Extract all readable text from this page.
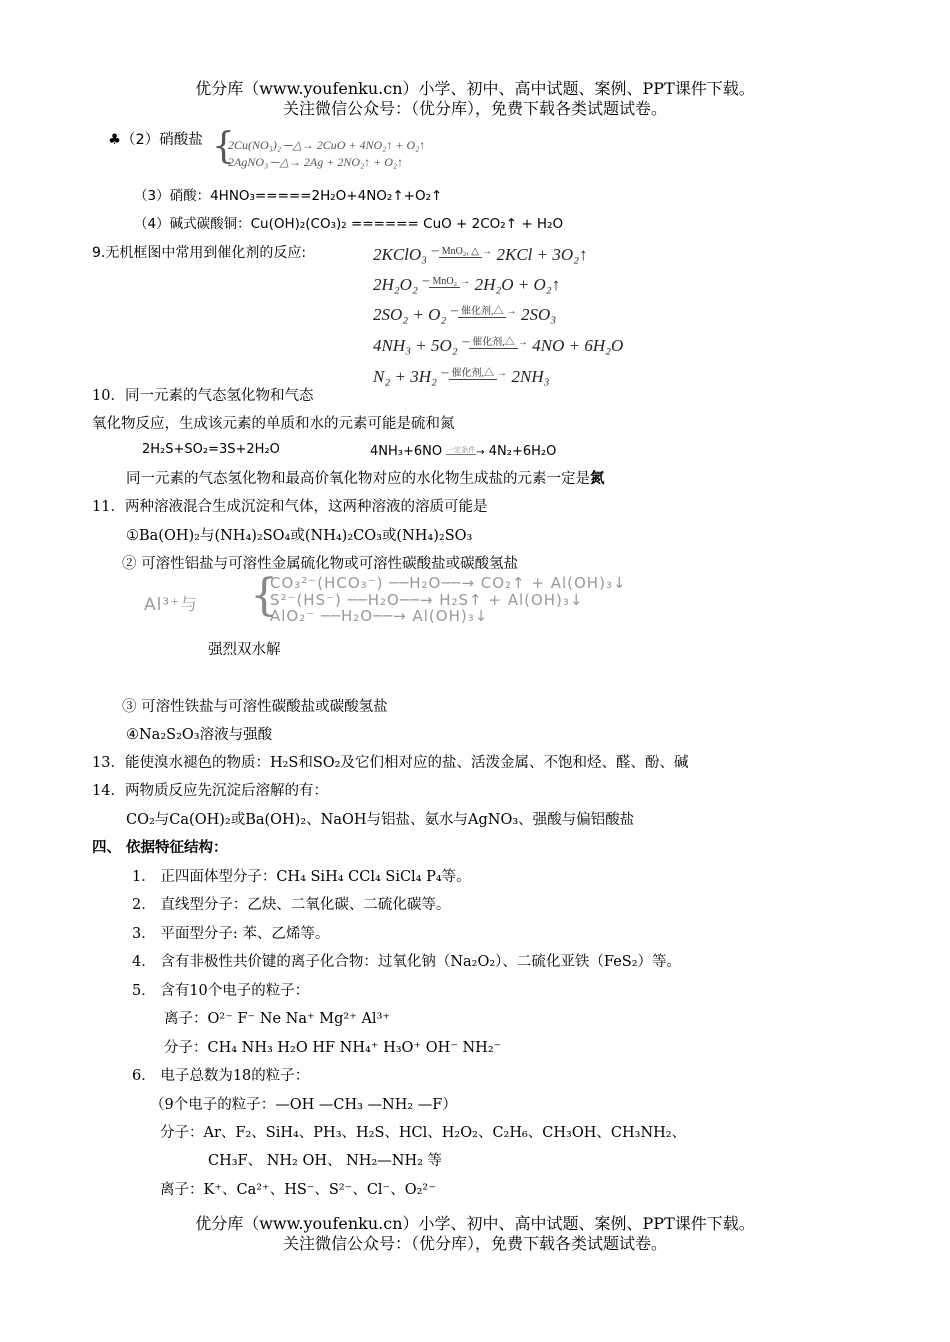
优分库（www.youfenku.cn）小学、初中、高中试题、案例、PPT课件下载。
关注微信公众号：（优分库），免费下载各类试题试卷。
♣（2）硝酸盐 {
2Cu(NO₃)₂ ─△→ 2CuO + 4NO₂↑ + O₂↑
2AgNO₃ ─△→ 2Ag + 2NO₂↑ + O₂↑
（3）硝酸：4HNO₃=====2H₂O+4NO₂↑+O₂↑
（4）碱式碳酸铜：Cu(OH)₂(CO₃)₂ ====== CuO + 2CO₂↑ + H₂O
9.无机框图中常用到催化剂的反应:	2KClO₃ $^{─ MnO_2, \triangle \to}$ 2KCl + 3O₂↑
2H₂O₂ $^{─ MnO_2 \to}$ 2H₂O + O₂↑
2SO₂ + O₂ $^{─ 催化剂,\triangle \to}$ 2SO₃
4NH₃ + 5O₂ $^{─ 催化剂,\triangle \to}$ 4NO + 6H₂O
N₂ + 3H₂ $^{─ 催化剂,\triangle \to}$ 2NH₃
10．同一元素的气态氢化物和气态
氧化物反应，生成该元素的单质和水的元素可能是硫和氮
2H₂S+SO₂=3S+2H₂O	4NH₃+6NO $^{一定条件}$→ 4N₂+6H₂O
同一元素的气态氢化物和最高价氧化物对应的水化物生成盐的元素一定是氮
11．两种溶液混合生成沉淀和气体，这两种溶液的溶质可能是
①Ba(OH)₂与(NH₄)₂SO₄或(NH₄)₂CO₃或(NH₄)₂SO₃
② 可溶性铝盐与可溶性金属硫化物或可溶性碳酸盐或碳酸氢盐
Al³⁺与 {
CO₃²⁻(HCO₃⁻) ──H₂O──→ CO₂↑ + Al(OH)₃↓
S²⁻(HS⁻) ──H₂O──→ H₂S↑ + Al(OH)₃↓
AlO₂⁻ ──H₂O──→ Al(OH)₃↓
强烈双水解
③ 可溶性铁盐与可溶性碳酸盐或碳酸氢盐
④Na₂S₂O₃溶液与强酸
13．能使溴水褪色的物质：H₂S和SO₂及它们相对应的盐、活泼金属、不饱和烃、醛、酚、碱
14．两物质反应先沉淀后溶解的有：
CO₂与Ca(OH)₂或Ba(OH)₂、NaOH与铝盐、氨水与AgNO₃、强酸与偏铝酸盐
四、 依据特征结构：
1． 正四面体型分子：CH₄ SiH₄ CCl₄ SiCl₄ P₄等。
2． 直线型分子：乙炔、二氧化碳、二硫化碳等。
3． 平面型分子: 苯、乙烯等。
4． 含有非极性共价键的离子化合物：过氧化钠（Na₂O₂）、二硫化亚铁（FeS₂）等。
5． 含有10个电子的粒子：
离子：O²⁻ F⁻ Ne Na⁺ Mg²⁺ Al³⁺
分子：CH₄ NH₃ H₂O HF NH₄⁺ H₃O⁺ OH⁻ NH₂⁻
6． 电子总数为18的粒子：
（9个电子的粒子：—OH —CH₃ —NH₂ —F）
分子：Ar、F₂、SiH₄、PH₃、H₂S、HCl、H₂O₂、C₂H₆、CH₃OH、CH₃NH₂、
CH₃F、 NH₂ OH、 NH₂—NH₂ 等
离子：K⁺、Ca²⁺、HS⁻、S²⁻、Cl⁻、O₂²⁻
优分库（www.youfenku.cn）小学、初中、高中试题、案例、PPT课件下载。
关注微信公众号：（优分库），免费下载各类试题试卷。
